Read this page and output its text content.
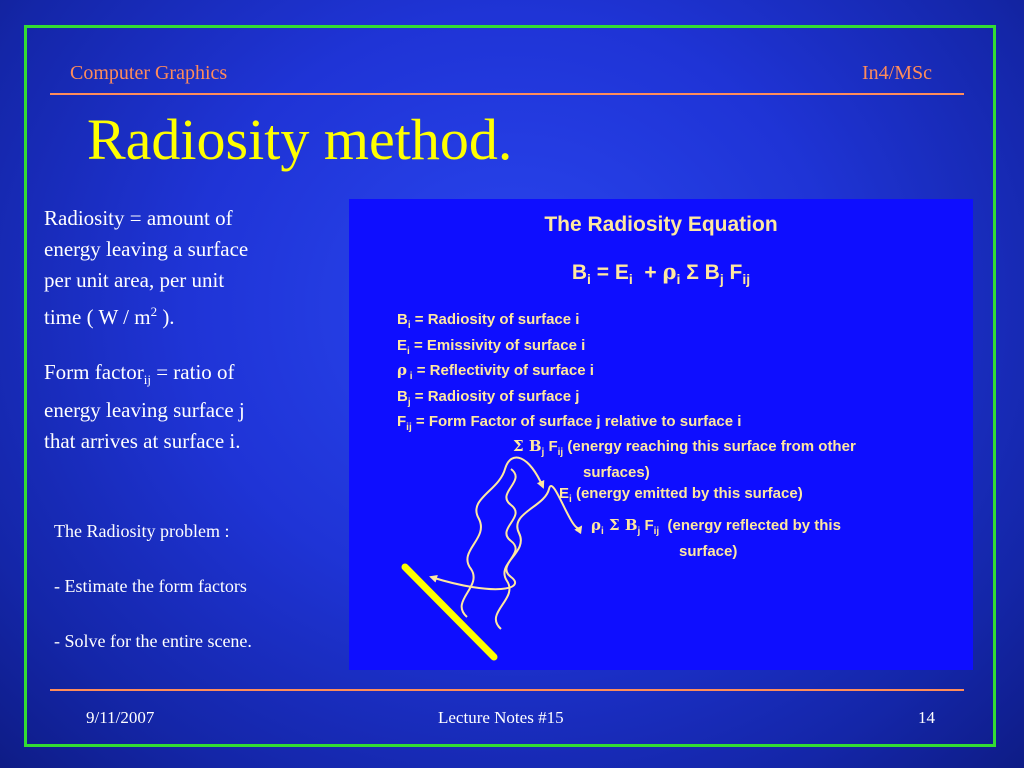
Computer Graphics	In4/MSc
Radiosity method.
Radiosity = amount of
energy leaving a surface
per unit area, per unit
time ( W / $m^2$ ).
Form factor$_{ij}$ = ratio of
energy leaving surface j
that arrives at surface i.
The Radiosity problem :
- Estimate the form factors
- Solve for the entire scene.
The Radiosity Equation
$B_i = E_i + \rho_i$ Σ $B_j$ $F_{ij}$
$B_i$ = Radiosity of surface i
$E_i$ = Emissivity of surface i
ρ $_i$ = Reflectivity of surface i
$B_j$ = Radiosity of surface j
$F_{ij}$ = Form Factor of surface j relative to surface i
Σ $B_j$ $F_{ij}$ (energy reaching this surface from other
surfaces)
$E_i$ (energy emitted by this surface)
$\rho_i$ Σ $B_j$ $F_{ij}$  (energy reflected by this
surface)
9/11/2007	Lecture Notes #15	14
